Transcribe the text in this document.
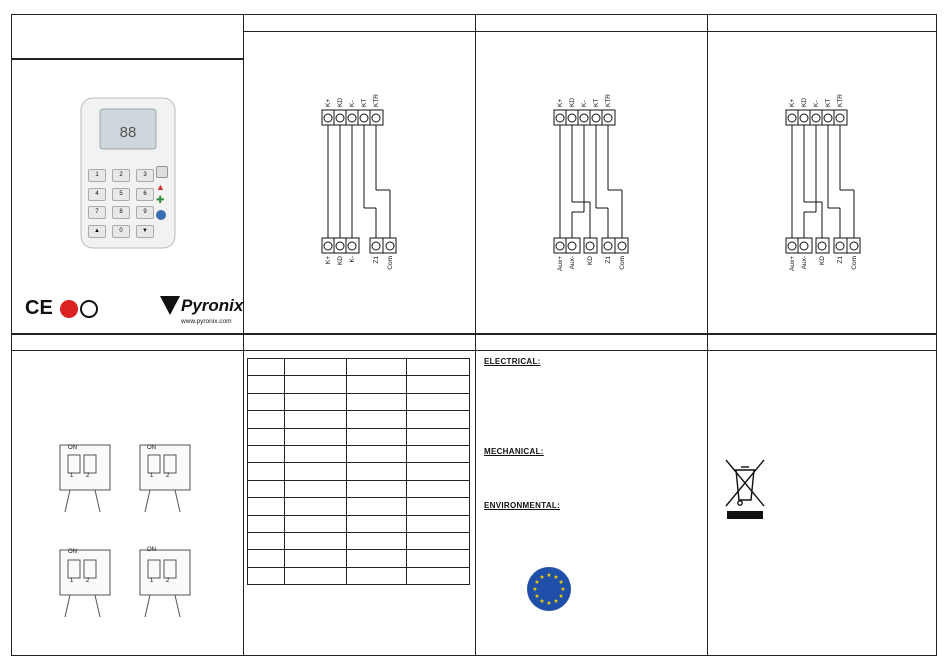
88
1	2	3
4	5	6
7	8	9
▲	0	▼
▲
✚
CE	Pyronix
www.pyronix.com
K+ KD K- KT KTR
K+ KD K-	Z1 Com
K+ KD K- KT KTR
Aux+ Aux- KD Z1 Com
K+ KD K- KT KTR
Aux+ Aux- KD Z1 Com
ON	ON
ON	ON
1 2	1 2
1 2	1 2

ELECTRICAL:
MECHANICAL:
ENVIRONMENTAL:
★ ★
★
★
★
★
★
★
★
★
★
★
